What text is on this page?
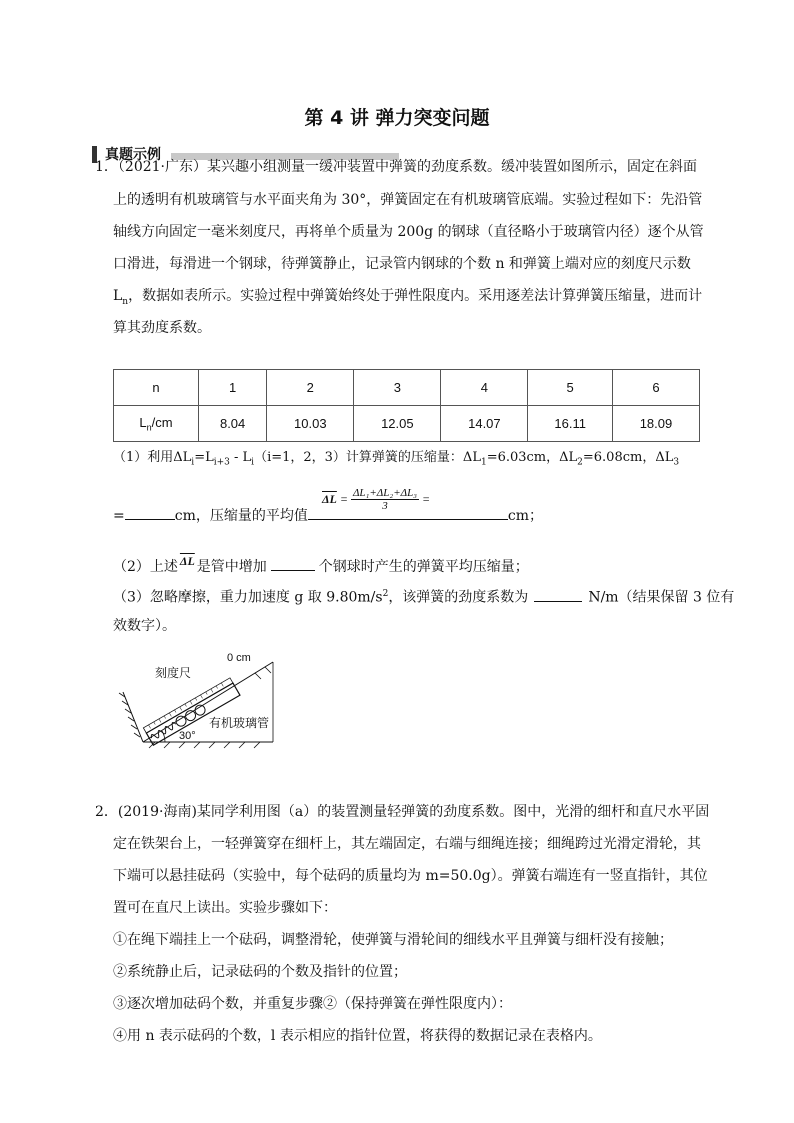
第 4 讲 弹力突变问题
真题示例
1．（2021·广东）某兴趣小组测量一缓冲装置中弹簧的劲度系数。缓冲装置如图所示，固定在斜面
上的透明有机玻璃管与水平面夹角为 30°，弹簧固定在有机玻璃管底端。实验过程如下：先沿管
轴线方向固定一毫米刻度尺，再将单个质量为 200g 的钢球（直径略小于玻璃管内径）逐个从管
口滑进，每滑进一个钢球，待弹簧静止，记录管内钢球的个数 n 和弹簧上端对应的刻度尺示数
$L_n$，数据如表所示。实验过程中弹簧始终处于弹性限度内。采用逐差法计算弹簧压缩量，进而计
算其劲度系数。
n	1	2	3	4	5	6
$L_n/cm$	8.04	10.03	12.05	14.07	16.11	18.09
（1）利用$\Delta L_i=L_{i+3} - L_i(i=1$，2，3）计算弹簧的压缩量：$\Delta L_1=6.03cm$，$\Delta L_2=6.08cm$，$\Delta L_3$
=	cm，压缩量的平均值	cm；
$\overline{\Delta L} = \frac{\text{ΔL₁+ΔL₂+ΔL₃}}{3}$ =
（2）上述 $\overline{\Delta L}$ 是管中增加	个钢球时产生的弹簧平均压缩量；
（3）忽略摩擦，重力加速度 g 取 $9.80m/s^2$，该弹簧的劲度系数为	N/m（结果保留 3 位有
效数字）。
0 cm
刻度尺
有机玻璃管
30°
2．(2019·海南)某同学利用图（a）的装置测量轻弹簧的劲度系数。图中，光滑的细杆和直尺水平固
定在铁架台上，一轻弹簧穿在细杆上，其左端固定，右端与细绳连接；细绳跨过光滑定滑轮，其
下端可以悬挂砝码（实验中，每个砝码的质量均为 m=50.0g）。弹簧右端连有一竖直指针，其位
置可在直尺上读出。实验步骤如下：
①在绳下端挂上一个砝码，调整滑轮，使弹簧与滑轮间的细线水平且弹簧与细杆没有接触；
②系统静止后，记录砝码的个数及指针的位置；
③逐次增加砝码个数，并重复步骤②（保持弹簧在弹性限度内）：
④用 n 表示砝码的个数，l 表示相应的指针位置，将获得的数据记录在表格内。
